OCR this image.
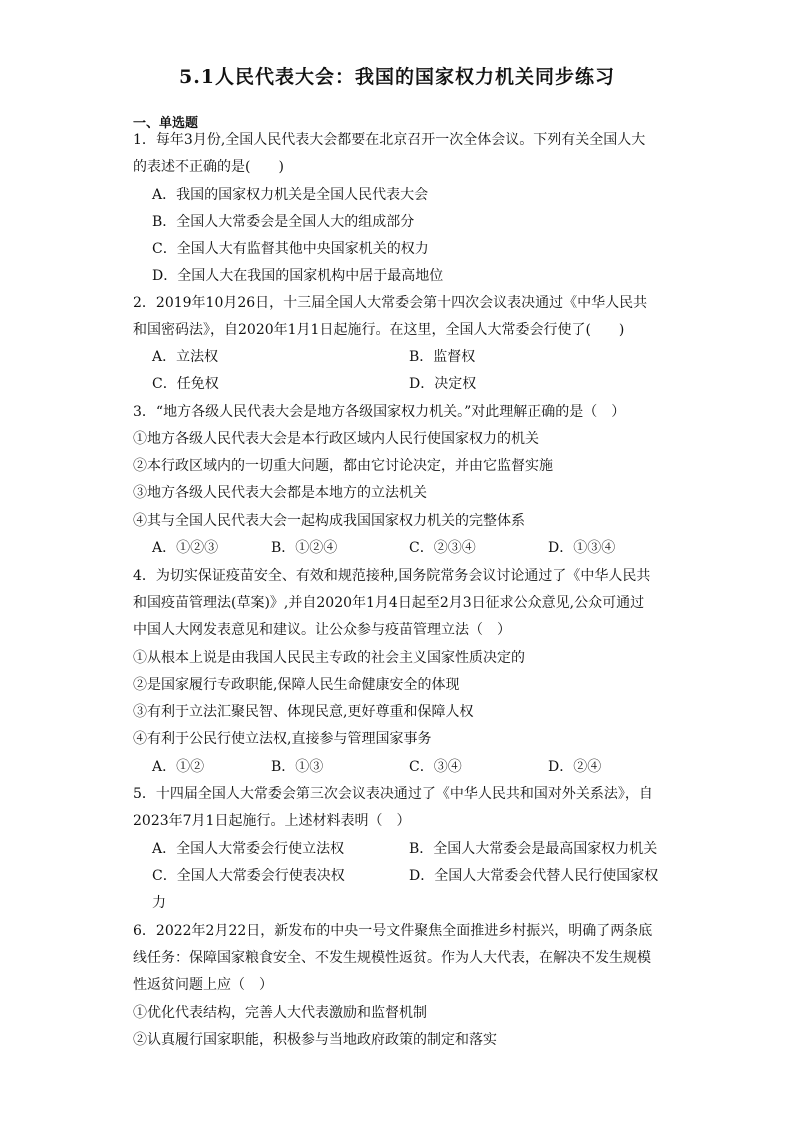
5.1人民代表大会：我国的国家权力机关同步练习
一、单选题
1．每年3月份,全国人民代表大会都要在北京召开一次全体会议。下列有关全国人大
的表述不正确的是(　　)
A．我国的国家权力机关是全国人民代表大会
B．全国人大常委会是全国人大的组成部分
C．全国人大有监督其他中央国家机关的权力
D．全国人大在我国的国家机构中居于最高地位
2．2019年10月26日，十三届全国人大常委会第十四次会议表决通过《中华人民共
和国密码法》，自2020年1月1日起施行。在这里，全国人大常委会行使了(　　)
A．立法权	B．监督权
C．任免权	D．决定权
3．“地方各级人民代表大会是地方各级国家权力机关。”对此理解正确的是（　）
①地方各级人民代表大会是本行政区域内人民行使国家权力的机关
②本行政区域内的一切重大问题，都由它讨论决定，并由它监督实施
③地方各级人民代表大会都是本地方的立法机关
④其与全国人民代表大会一起构成我国国家权力机关的完整体系
A．①②③	B．①②④	C．②③④	D．①③④
4．为切实保证疫苗安全、有效和规范接种,国务院常务会议讨论通过了《中华人民共
和国疫苗管理法(草案)》,并自2020年1月4日起至2月3日征求公众意见,公众可通过
中国人大网发表意见和建议。让公众参与疫苗管理立法（　）
①从根本上说是由我国人民民主专政的社会主义国家性质决定的
②是国家履行专政职能,保障人民生命健康安全的体现
③有利于立法汇聚民智、体现民意,更好尊重和保障人权
④有利于公民行使立法权,直接参与管理国家事务
A．①②	B．①③	C．③④	D．②④
5．十四届全国人大常委会第三次会议表决通过了《中华人民共和国对外关系法》，自
2023年7月1日起施行。上述材料表明（　）
A．全国人大常委会行使立法权	B．全国人大常委会是最高国家权力机关
C．全国人大常委会行使表决权	D．全国人大常委会代替人民行使国家权
力
6．2022年2月22日，新发布的中央一号文件聚焦全面推进乡村振兴，明确了两条底
线任务：保障国家粮食安全、不发生规模性返贫。作为人大代表，在解决不发生规模
性返贫问题上应（　）
①优化代表结构，完善人大代表激励和监督机制
②认真履行国家职能，积极参与当地政府政策的制定和落实
